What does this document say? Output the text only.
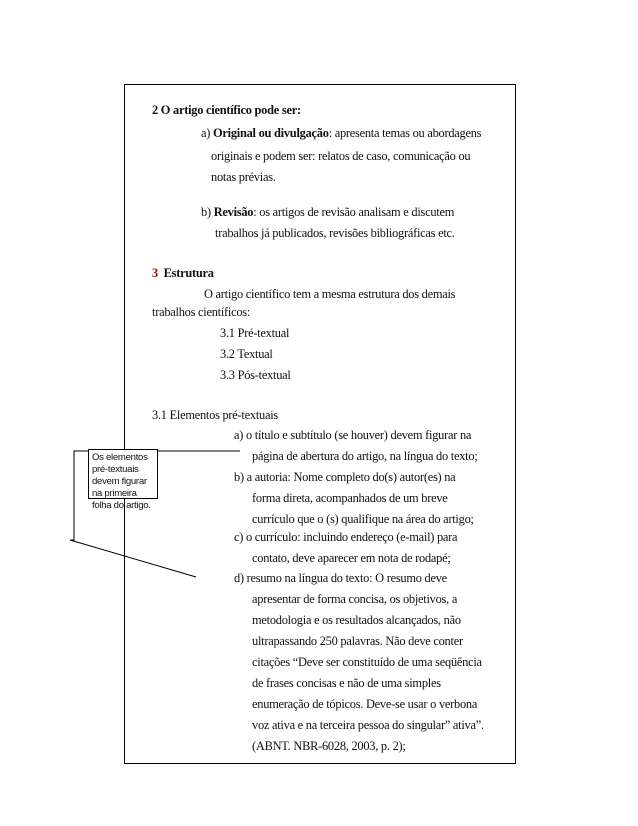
2 O artigo científico pode ser:
a) Original ou divulgação: apresenta temas ou abordagens
originais e podem ser: relatos de caso, comunicação ou
notas prévias.
b) Revisão: os artigos de revisão analisam e discutem
trabalhos já publicados, revisões bibliográficas etc.
3 Estrutura
O artigo científico tem a mesma estrutura dos demais
trabalhos científicos:
3.1 Pré-textual
3.2 Textual
3.3 Pós-textual
3.1 Elementos pré-textuais
a) o título e subtítulo (se houver) devem figurar na
página de abertura do artigo, na língua do texto;
b) a autoria: Nome completo do(s) autor(es) na
forma direta, acompanhados de um breve
currículo que o (s) qualifique na área do artigo;
c) o currículo: incluindo endereço (e-mail) para
contato, deve aparecer em nota de rodapé;
d) resumo na língua do texto: O resumo deve
apresentar de forma concisa, os objetivos, a
metodologia e os resultados alcançados, não
ultrapassando 250 palavras. Não deve conter
citações “Deve ser constituído de uma seqüência
de frases concisas e não de uma simples
enumeração de tópicos. Deve-se usar o verbona
voz ativa e na terceira pessoa do singular” ativa”.
(ABNT. NBR-6028, 2003, p. 2);
Os elementos pré-textuais devem figurar na primeira folha do artigo.
